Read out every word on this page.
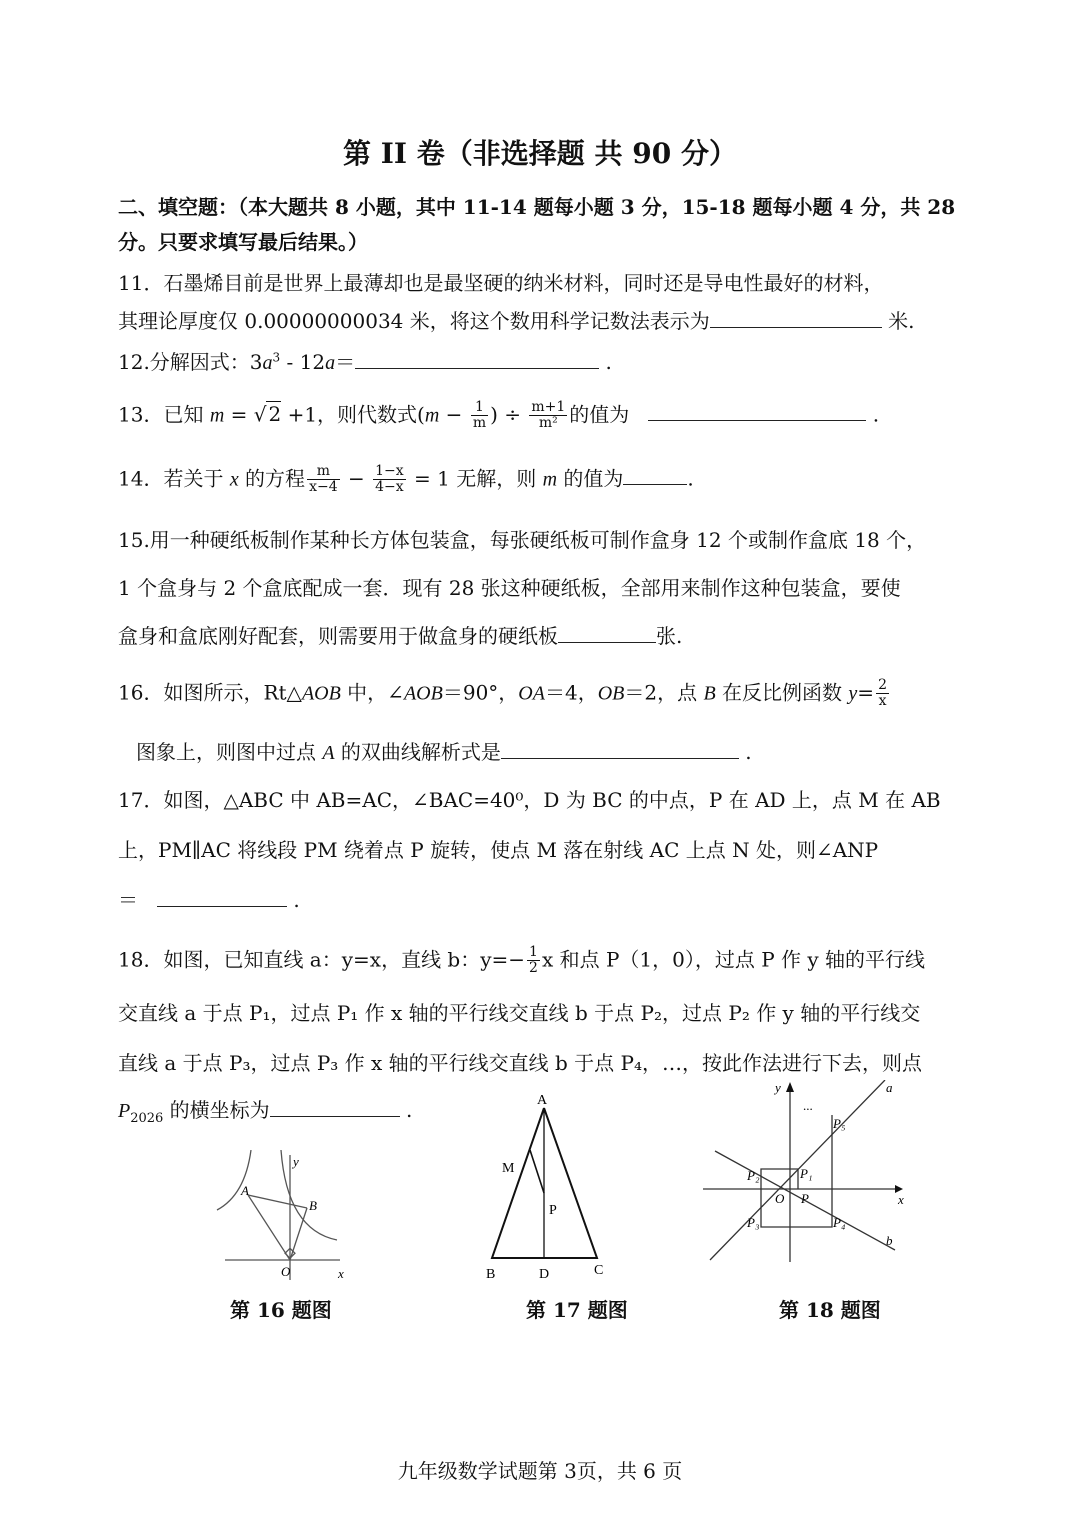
第 II 卷（非选择题 共 90 分）
二、填空题：（本大题共 8 小题，其中 11-14 题每小题 3 分，15-18 题每小题 4 分，共 28
分。只要求填写最后结果。）
11．石墨烯目前是世界上最薄却也是最坚硬的纳米材料，同时还是导电性最好的材料，
其理论厚度仅 0.00000000034 米，将这个数用科学记数法表示为	米.
12.分解因式：$3a^3 - 12a=$	.
13．已知 m = √ 2 +1，则代数式($m - \frac{1}{m}$ ) ÷ $\frac{m+1}{\text{m²}}$ 的值为	.
14．若关于 x 的方程 $\frac{m}{x-4} - \frac{1-x}{4-x} = 1$ 无解，则 m 的值为	.
15.用一种硬纸板制作某种长方体包装盒，每张硬纸板可制作盒身 12 个或制作盒底 18 个，
1 个盒身与 2 个盒底配成一套．现有 28 张这种硬纸板，全部用来制作这种包装盒，要使
盒身和盒底刚好配套，则需要用于做盒身的硬纸板	张.
16．如图所示，Rt△AOB 中，∠AOB＝90°，OA＝4，OB＝2，点 B 在反比例函数 $y= \frac{2}{x}$
图象上，则图中过点 A 的双曲线解析式是	.
17．如图，△ABC 中 AB=AC，∠BAC=40⁰，D 为 BC 的中点，P 在 AD 上，点 M 在 AB
上，PM∥AC 将线段 PM 绕着点 P 旋转，使点 M 落在射线 AC 上点 N 处，则∠ANP
＝	.
18．如图，已知直线 a：y=x，直线 b：$y=- \frac{1}{2}$ x 和点 P（1，0），过点 P 作 y 轴的平行线
交直线 a 于点 P₁，过点 P₁ 作 x 轴的平行线交直线 b 于点 P₂，过点 P₂ 作 y 轴的平行线交
直线 a 于点 P₃，过点 P₃ 作 x 轴的平行线交直线 b 于点 P₄，…，按此作法进行下去，则点
$P_{2026}$ 的横坐标为	.
y
x
A
B
O
A
M
P
B	D	C
y
x
a
b
O P
P₁
P₂
P₃	P₄
P₅
...
第 16 题图	第 17 题图	第 18 题图
九年级数学试题第 3页，共 6 页
